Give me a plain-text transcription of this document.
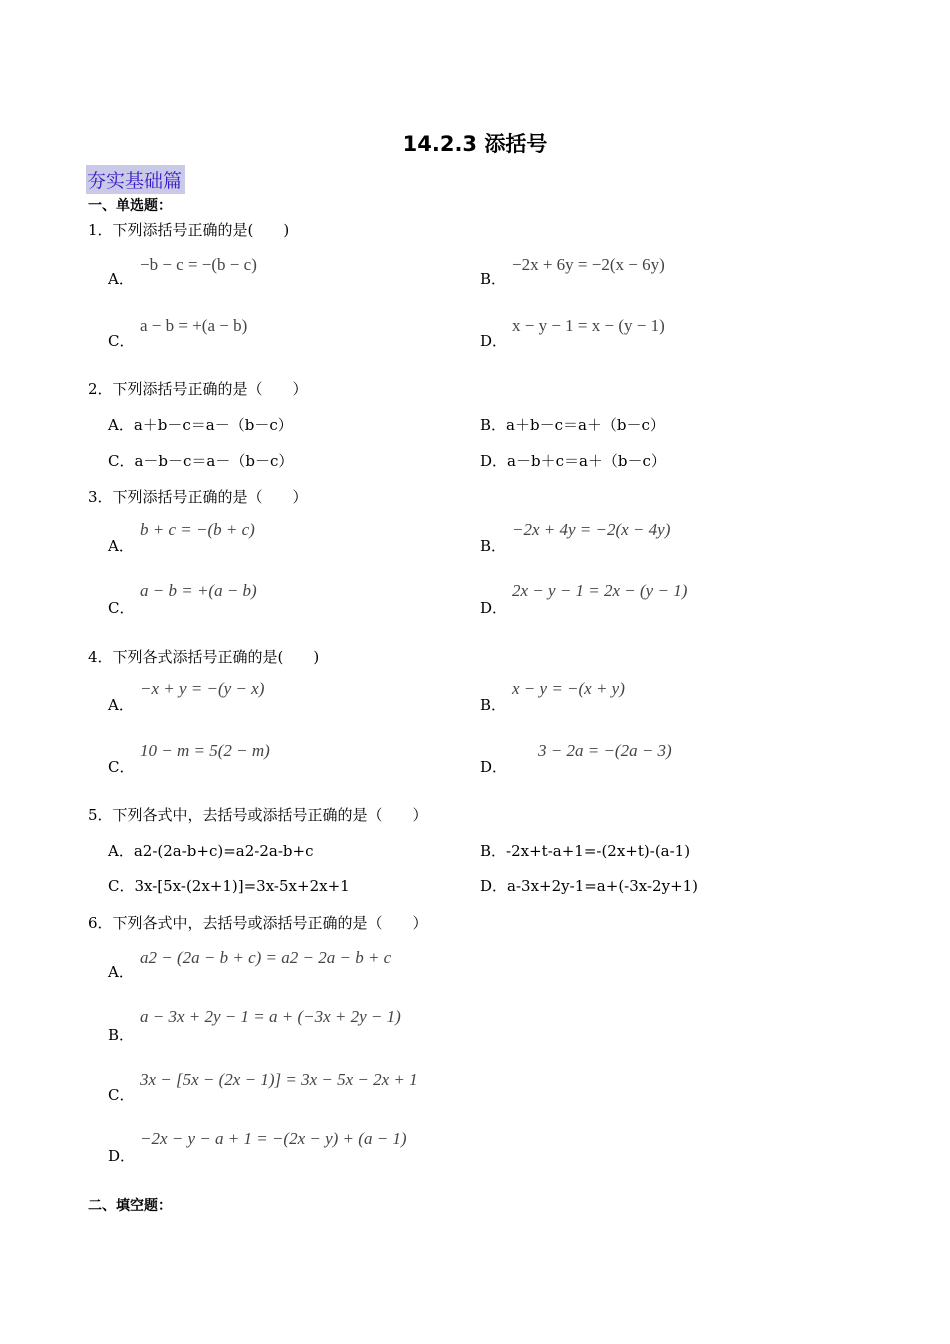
14.2.3 添括号
夯实基础篇
一、单选题：
1．下列添括号正确的是(　　)
A．
−b − c = −(b − c)
B．
−2x + 6y = −2(x − 6y)
C．
a − b = +(a − b)
D．
x − y − 1 = x − (y − 1)
2．下列添括号正确的是（　　）
A．a＋b－c＝a－（b－c）	B．a＋b－c＝a＋（b－c）
C．a－b－c＝a－（b－c）	D．a－b＋c＝a＋（b－c）
3．下列添括号正确的是（　　）
A．
b + c = −(b + c)
B．
−2x + 4y = −2(x − 4y)
C．
a − b = +(a − b)
D．
2x − y − 1 = 2x − (y − 1)
4．下列各式添括号正确的是(　　)
A．
−x + y = −(y − x)
B．
x − y = −(x + y)
C．
10 − m = 5(2 − m)
D．
3 − 2a = −(2a − 3)
5．下列各式中，去括号或添括号正确的是（　　）
A．a2-(2a-b+c)=a2-2a-b+c	B．-2x+t-a+1=-(2x+t)-(a-1)
C．3x-[5x-(2x+1)]=3x-5x+2x+1	D．a-3x+2y-1=a+(-3x-2y+1)
6．下列各式中，去括号或添括号正确的是（　　）
A．
a2 − (2a − b + c) = a2 − 2a − b + c
B．
a − 3x + 2y − 1 = a + (−3x + 2y − 1)
C．
3x − [5x − (2x − 1)] = 3x − 5x − 2x + 1
D．
−2x − y − a + 1 = −(2x − y) + (a − 1)
二、填空题：
